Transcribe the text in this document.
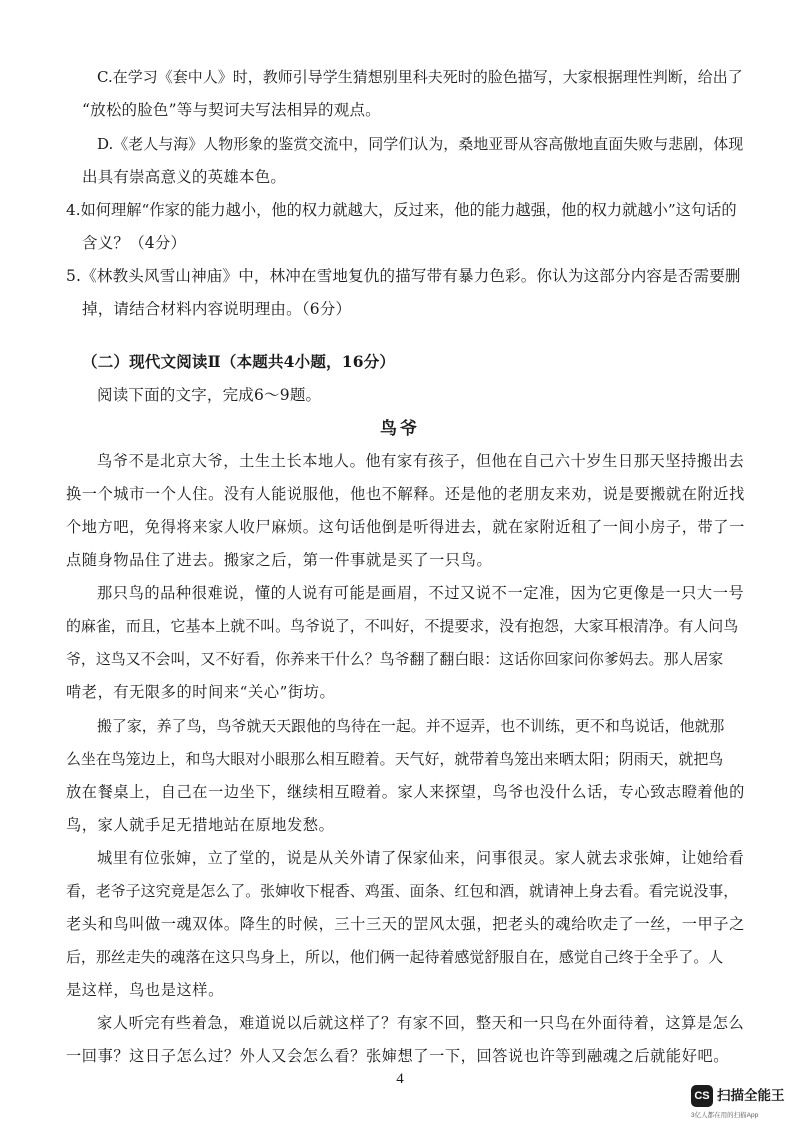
C.在学习《套中人》时，教师引导学生猜想别里科夫死时的脸色描写，大家根据理性判断，给出了
“放松的脸色”等与契诃夫写法相异的观点。
D.《老人与海》人物形象的鉴赏交流中，同学们认为，桑地亚哥从容高傲地直面失败与悲剧，体现
出具有崇高意义的英雄本色。
4.如何理解“作家的能力越小，他的权力就越大，反过来，他的能力越强，他的权力就越小”这句话的
含义？（4分）
5.《林教头风雪山神庙》中，林冲在雪地复仇的描写带有暴力色彩。你认为这部分内容是否需要删
掉，请结合材料内容说明理由。（6分）
（二）现代文阅读Ⅱ（本题共4小题，16分）
阅读下面的文字，完成6～9题。
鸟爷
鸟爷不是北京大爷，土生土长本地人。他有家有孩子，但他在自己六十岁生日那天坚持搬出去
换一个城市一个人住。没有人能说服他，他也不解释。还是他的老朋友来劝，说是要搬就在附近找
个地方吧，免得将来家人收尸麻烦。这句话他倒是听得进去，就在家附近租了一间小房子，带了一
点随身物品住了进去。搬家之后，第一件事就是买了一只鸟。
那只鸟的品种很难说，懂的人说有可能是画眉，不过又说不一定准，因为它更像是一只大一号
的麻雀，而且，它基本上就不叫。鸟爷说了，不叫好，不提要求，没有抱怨，大家耳根清净。有人问鸟
爷，这鸟又不会叫，又不好看，你养来干什么？鸟爷翻了翻白眼：这话你回家问你爹妈去。那人居家
啃老，有无限多的时间来“关心”街坊。
搬了家，养了鸟，鸟爷就天天跟他的鸟待在一起。并不逗弄，也不训练，更不和鸟说话，他就那
么坐在鸟笼边上，和鸟大眼对小眼那么相互瞪着。天气好，就带着鸟笼出来晒太阳；阴雨天，就把鸟
放在餐桌上，自己在一边坐下，继续相互瞪着。家人来探望，鸟爷也没什么话，专心致志瞪着他的
鸟，家人就手足无措地站在原地发愁。
城里有位张婶，立了堂的，说是从关外请了保家仙来，问事很灵。家人就去求张婶，让她给看
看，老爷子这究竟是怎么了。张婶收下棍香、鸡蛋、面条、红包和酒，就请神上身去看。看完说没事，
老头和鸟叫做一魂双体。降生的时候，三十三天的罡风太强，把老头的魂给吹走了一丝，一甲子之
后，那丝走失的魂落在这只鸟身上，所以，他们俩一起待着感觉舒服自在，感觉自己终于全乎了。人
是这样，鸟也是这样。
家人听完有些着急，难道说以后就这样了？有家不回，整天和一只鸟在外面待着，这算是怎么
一回事？这日子怎么过？外人又会怎么看？张婶想了一下，回答说也许等到融魂之后就能好吧。
4
CS 扫描全能王
3亿人都在用的扫描App
